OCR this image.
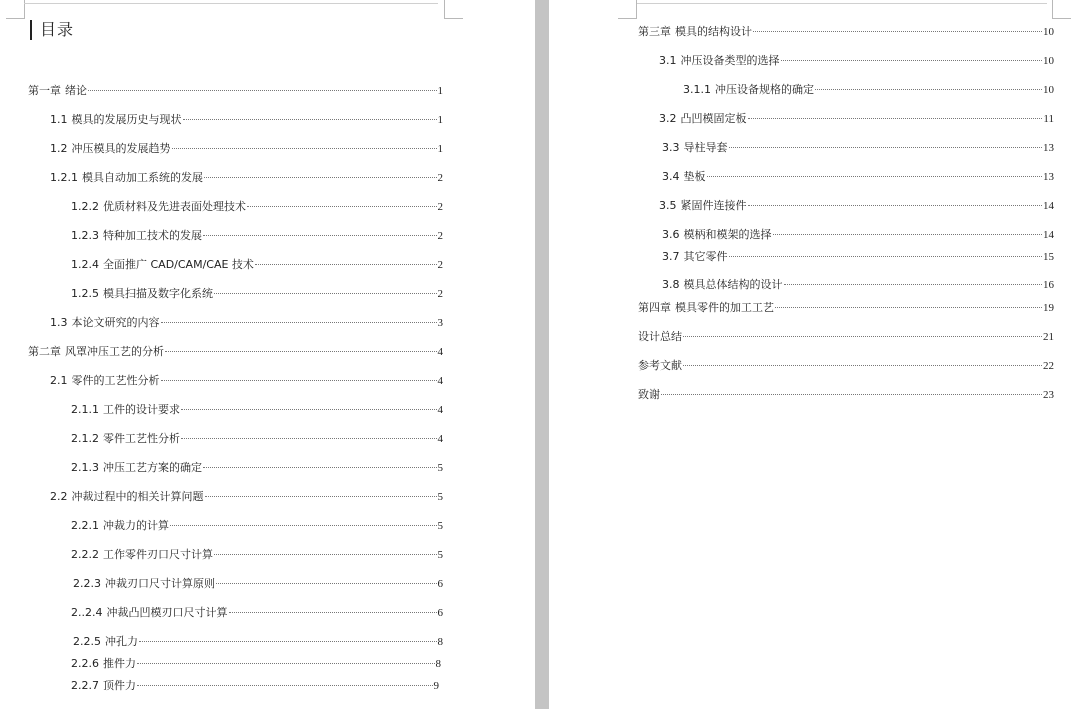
目录
第一章 绪论	1
1.1 模具的发展历史与现状	1
1.2 冲压模具的发展趋势	1
1.2.1 模具自动加工系统的发展	2
1.2.2 优质材料及先进表面处理技术	2
1.2.3 特种加工技术的发展	2
1.2.4 全面推广 CAD/CAM/CAE 技术	2
1.2.5 模具扫描及数字化系统	2
1.3 本论文研究的内容	3
第二章 风罩冲压工艺的分析	4
2.1 零件的工艺性分析	4
2.1.1 工件的设计要求	4
2.1.2 零件工艺性分析	4
2.1.3 冲压工艺方案的确定	5
2.2 冲裁过程中的相关计算问题	5
2.2.1 冲裁力的计算	5
2.2.2 工作零件刃口尺寸计算	5
2.2.3 冲裁刃口尺寸计算原则	6
2..2.4 冲裁凸凹模刃口尺寸计算	6
2.2.5 冲孔力	8
2.2.6 推件力	8
2.2.7 顶件力	9
第三章 模具的结构设计	10
3.1 冲压设备类型的选择	10
3.1.1 冲压设备规格的确定	10
3.2 凸凹模固定板	11
3.3 导柱导套	13
3.4 垫板	13
3.5 紧固件连接件	14
3.6 模柄和模架的选择	14
3.7 其它零件	15
3.8 模具总体结构的设计	16
第四章 模具零件的加工工艺	19
设计总结	21
参考文献	22
致谢	23
